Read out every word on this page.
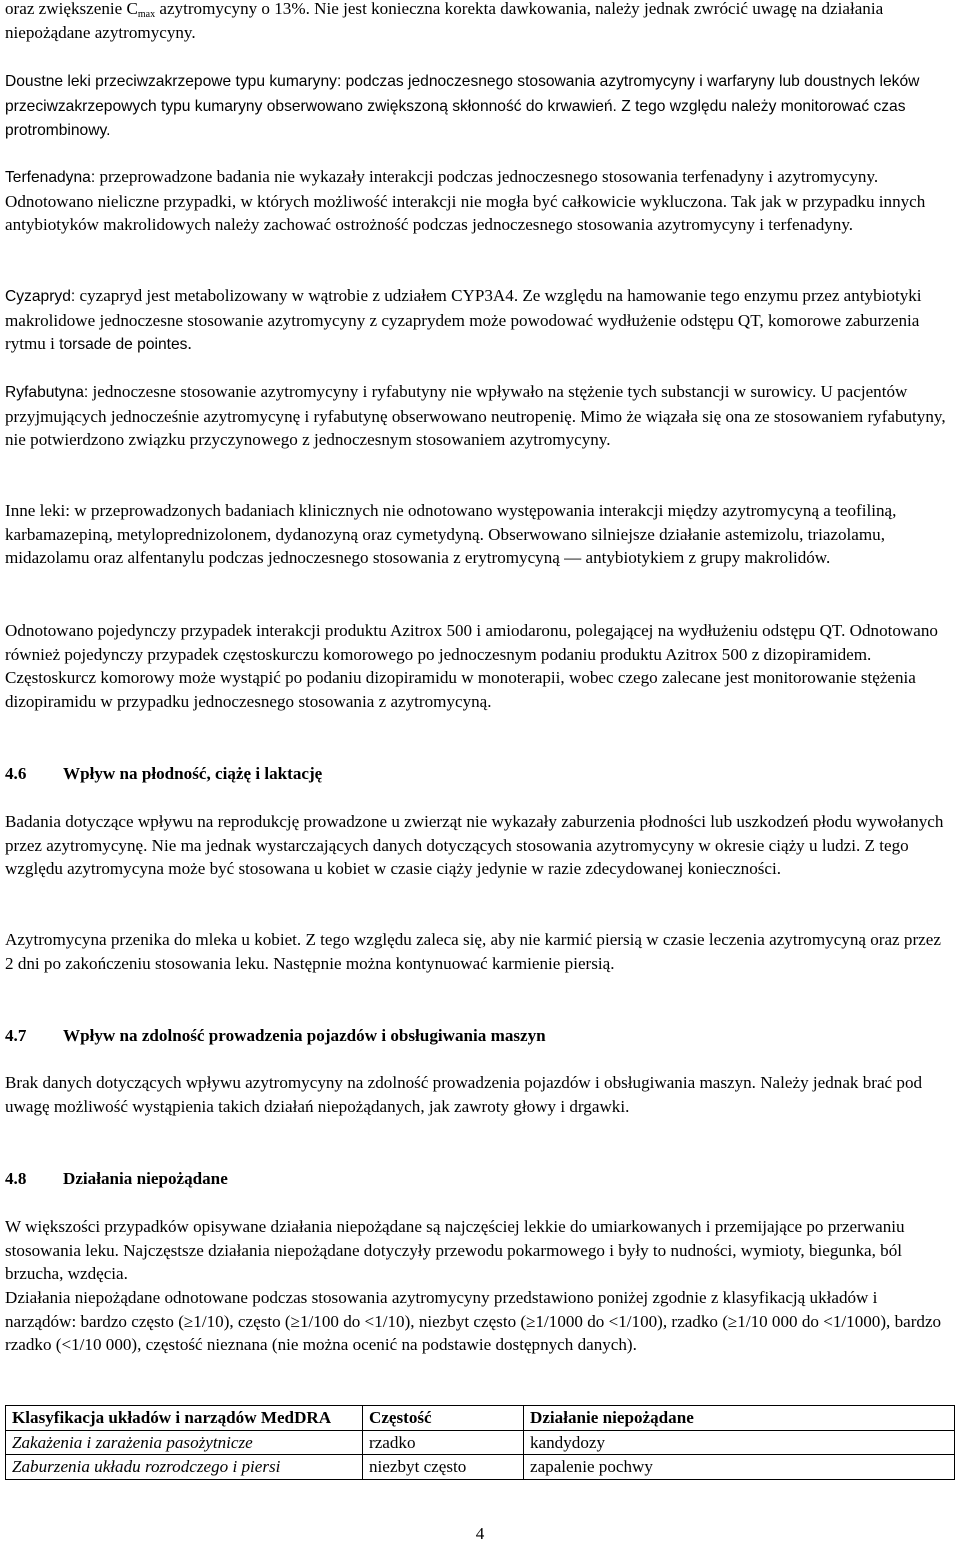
oraz zwiększenie $C_{max}$ azytromycyny o 13%. Nie jest konieczna korekta dawkowania, należy jednak zwrócić uwagę na działania niepożądane azytromycyny.

Doustne leki przeciwzakrzepowe typu kumaryny: podczas jednoczesnego stosowania azytromycyny i warfaryny lub doustnych leków przeciwzakrzepowych typu kumaryny obserwowano zwiększoną skłonność do krwawień. Z tego względu należy monitorować czas protrombinowy.

Terfenadyna: przeprowadzone badania nie wykazały interakcji podczas jednoczesnego stosowania terfenadyny i azytromycyny. Odnotowano nieliczne przypadki, w których możliwość interakcji nie mogła być całkowicie wykluczona. Tak jak w przypadku innych antybiotyków makrolidowych należy zachować ostrożność podczas jednoczesnego stosowania azytromycyny i terfenadyny.

Cyzapryd: cyzapryd jest metabolizowany w wątrobie z udziałem CYP3A4. Ze względu na hamowanie tego enzymu przez antybiotyki makrolidowe jednoczesne stosowanie azytromycyny z cyzaprydem może powodować wydłużenie odstępu QT, komorowe zaburzenia rytmu i torsade de pointes.

Ryfabutyna: jednoczesne stosowanie azytromycyny i ryfabutyny nie wpływało na stężenie tych substancji w surowicy. U pacjentów przyjmujących jednocześnie azytromycynę i ryfabutynę obserwowano neutropenię. Mimo że wiązała się ona ze stosowaniem ryfabutyny, nie potwierdzono związku przyczynowego z jednoczesnym stosowaniem azytromycyny.

Inne leki: w przeprowadzonych badaniach klinicznych nie odnotowano występowania interakcji między azytromycyną a teofiliną, karbamazepiną, metyloprednizolonem, dydanozyną oraz cymetydyną. Obserwowano silniejsze działanie astemizolu, triazolamu, midazolamu oraz alfentanylu podczas jednoczesnego stosowania z erytromycyną — antybiotykiem z grupy makrolidów.

Odnotowano pojedynczy przypadek interakcji produktu Azitrox 500 i amiodaronu, polegającej na wydłużeniu odstępu QT. Odnotowano również pojedynczy przypadek częstoskurczu komorowego po jednoczesnym podaniu produktu Azitrox 500 z dizopiramidem. Częstoskurcz komorowy może wystąpić po podaniu dizopiramidu w monoterapii, wobec czego zalecane jest monitorowanie stężenia dizopiramidu w przypadku jednoczesnego stosowania z azytromycyną.

4.6 Wpływ na płodność, ciążę i laktację

Badania dotyczące wpływu na reprodukcję prowadzone u zwierząt nie wykazały zaburzenia płodności lub uszkodzeń płodu wywołanych przez azytromycynę. Nie ma jednak wystarczających danych dotyczących stosowania azytromycyny w okresie ciąży u ludzi. Z tego względu azytromycyna może być stosowana u kobiet w czasie ciąży jedynie w razie zdecydowanej konieczności.

Azytromycyna przenika do mleka u kobiet. Z tego względu zaleca się, aby nie karmić piersią w czasie leczenia azytromycyną oraz przez 2 dni po zakończeniu stosowania leku. Następnie można kontynuować karmienie piersią.

4.7 Wpływ na zdolność prowadzenia pojazdów i obsługiwania maszyn

Brak danych dotyczących wpływu azytromycyny na zdolność prowadzenia pojazdów i obsługiwania maszyn. Należy jednak brać pod uwagę możliwość wystąpienia takich działań niepożądanych, jak zawroty głowy i drgawki.

4.8 Działania niepożądane

W większości przypadków opisywane działania niepożądane są najczęściej lekkie do umiarkowanych i przemijające po przerwaniu stosowania leku. Najczęstsze działania niepożądane dotyczyły przewodu pokarmowego i były to nudności, wymioty, biegunka, ból brzucha, wzdęcia.

Działania niepożądane odnotowane podczas stosowania azytromycyny przedstawiono poniżej zgodnie z klasyfikacją układów i narządów: bardzo często (≥1/10), często (≥1/100 do <1/10), niezbyt często (≥1/1000 do <1/100), rzadko (≥1/10 000 do <1/1000), bardzo rzadko (<1/10 000), częstość nieznana (nie można ocenić na podstawie dostępnych danych).

Klasyfikacja układów i narządów MedDRA	Częstość	Działanie niepożądane
Zakażenia i zarażenia pasożytnicze	rzadko	kandydozy
Zaburzenia układu rozrodczego i piersi	niezbyt często	zapalenie pochwy
4
